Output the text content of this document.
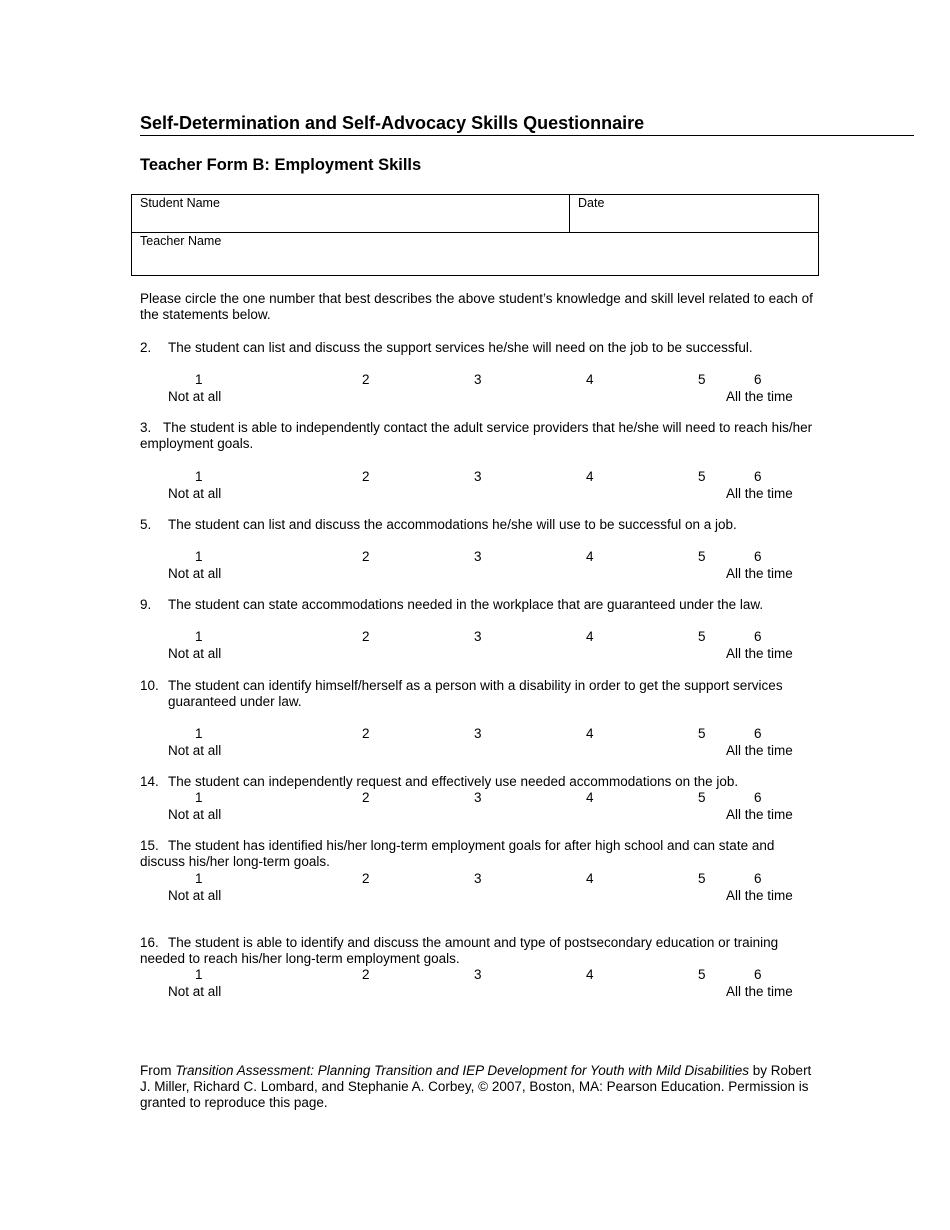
Self-Determination and Self-Advocacy Skills Questionnaire
Teacher Form B: Employment Skills
Student Name	Date
Teacher Name
Please circle the one number that best describes the above student’s knowledge and skill level related to each of the statements below.
2. The student can list and discuss the support services he/she will need on the job to be successful.
1	2	3	4	5	6
Not at all	All the time
3. The student is able to independently contact the adult service providers that he/she will need to reach his/her employment goals.
1	2	3	4	5	6
Not at all	All the time
5. The student can list and discuss the accommodations he/she will use to be successful on a job.
1	2	3	4	5	6
Not at all	All the time
9. The student can state accommodations needed in the workplace that are guaranteed under the law.
1	2	3	4	5	6
Not at all	All the time
10. The student can identify himself/herself as a person with a disability in order to get the support services guaranteed under law.
1	2	3	4	5	6
Not at all	All the time
14. The student can independently request and effectively use needed accommodations on the job.
1	2	3	4	5	6
Not at all	All the time
15. The student has identified his/her long-term employment goals for after high school and can state and discuss his/her long-term goals.
1	2	3	4	5	6
Not at all	All the time
16. The student is able to identify and discuss the amount and type of postsecondary education or training needed to reach his/her long-term employment goals.
1	2	3	4	5	6
Not at all	All the time
From Transition Assessment: Planning Transition and IEP Development for Youth with Mild Disabilities by Robert J. Miller, Richard C. Lombard, and Stephanie A. Corbey, © 2007, Boston, MA: Pearson Education. Permission is granted to reproduce this page.
